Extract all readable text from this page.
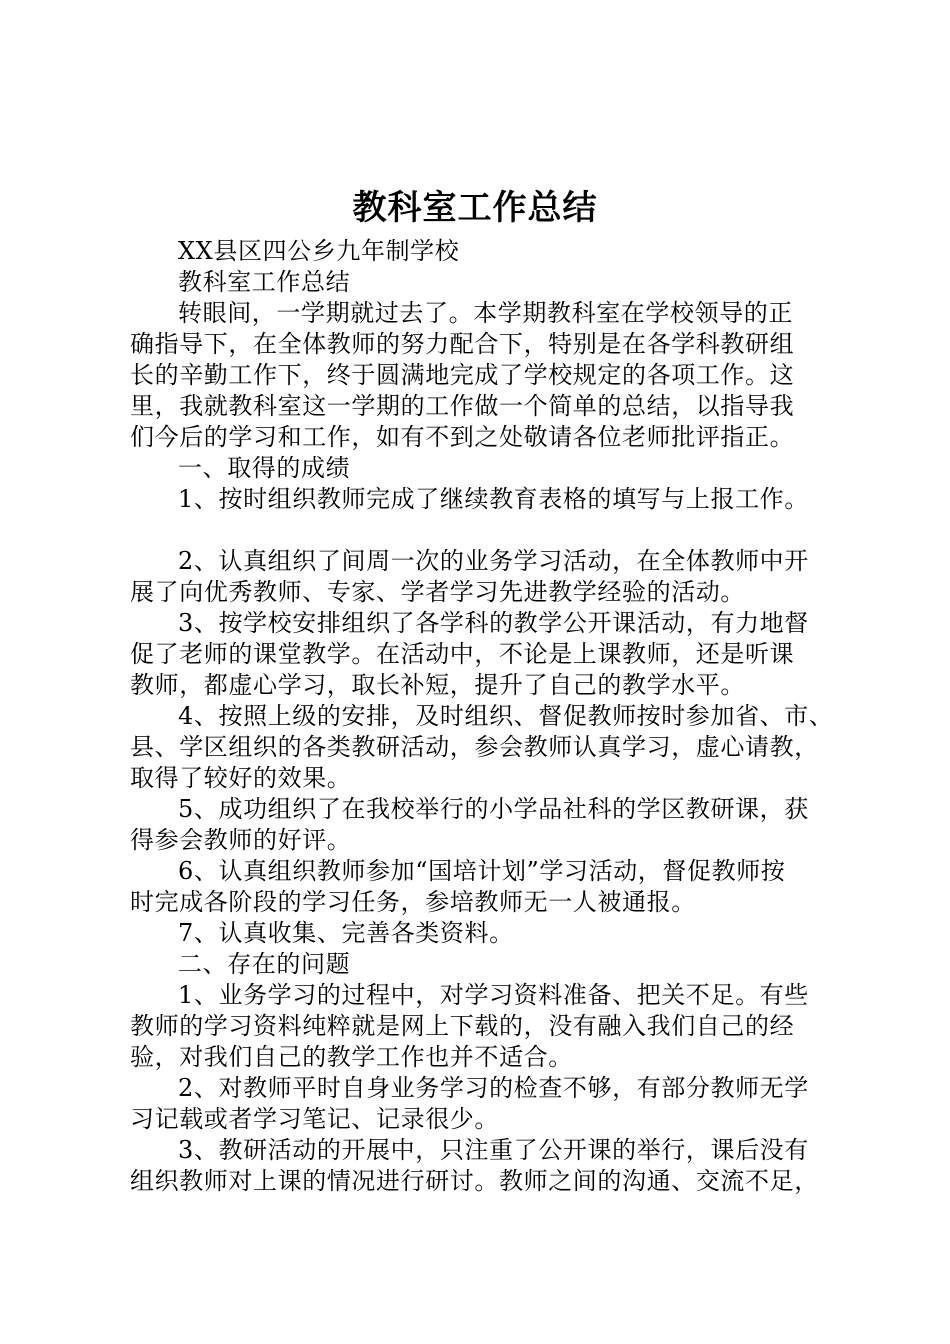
教科室工作总结
XX县区四公乡九年制学校
教科室工作总结
转眼间，一学期就过去了。本学期教科室在学校领导的正
确指导下，在全体教师的努力配合下，特别是在各学科教研组
长的辛勤工作下，终于圆满地完成了学校规定的各项工作。这
里，我就教科室这一学期的工作做一个简单的总结，以指导我
们今后的学习和工作，如有不到之处敬请各位老师批评指正。
一、取得的成绩
1、按时组织教师完成了继续教育表格的填写与上报工作。
2、认真组织了间周一次的业务学习活动，在全体教师中开
展了向优秀教师、专家、学者学习先进教学经验的活动。
3、按学校安排组织了各学科的教学公开课活动，有力地督
促了老师的课堂教学。在活动中，不论是上课教师，还是听课
教师，都虚心学习，取长补短，提升了自己的教学水平。
4、按照上级的安排，及时组织、督促教师按时参加省、市、
县、学区组织的各类教研活动，参会教师认真学习，虚心请教，
取得了较好的效果。
5、成功组织了在我校举行的小学品社科的学区教研课，获
得参会教师的好评。
6、认真组织教师参加“国培计划”学习活动，督促教师按
时完成各阶段的学习任务，参培教师无一人被通报。
7、认真收集、完善各类资料。
二、存在的问题
1、业务学习的过程中，对学习资料准备、把关不足。有些
教师的学习资料纯粹就是网上下载的，没有融入我们自己的经
验，对我们自己的教学工作也并不适合。
2、对教师平时自身业务学习的检查不够，有部分教师无学
习记载或者学习笔记、记录很少。
3、教研活动的开展中，只注重了公开课的举行，课后没有
组织教师对上课的情况进行研讨。教师之间的沟通、交流不足，
